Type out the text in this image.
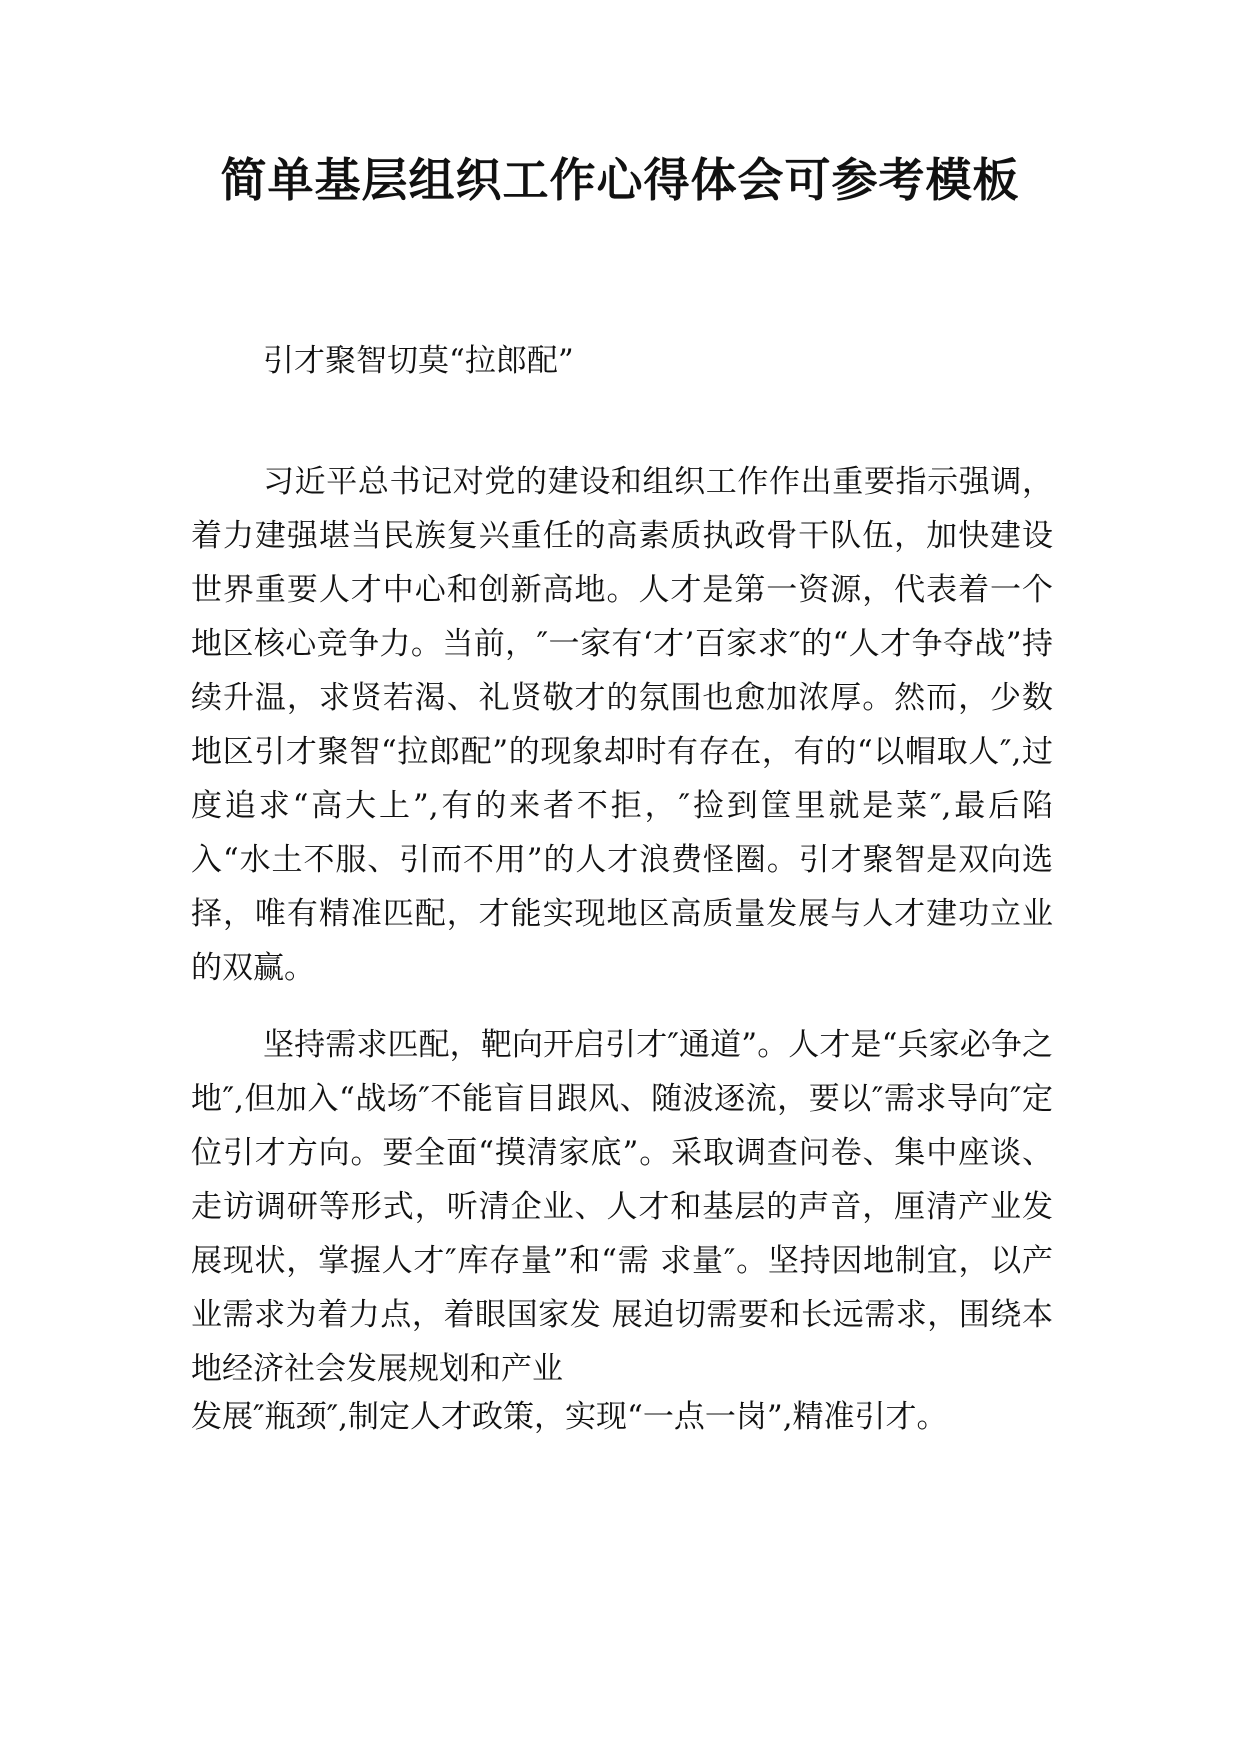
简单基层组织工作心得体会可参考模板

引才聚智切莫“拉郎配”

习近平总书记对党的建设和组织工作作出重要指示强调，着力建强堪当民族复兴重任的高素质执政骨干队伍，加快建设世界重要人才中心和创新高地。人才是第一资源，代表着一个地区核心竞争力。当前，″一家有‘才’百家求″的“人才争夺战”持续升温，求贤若渴、礼贤敬才的氛围也愈加浓厚。然而，少数地区引才聚智“拉郎配”的现象却时有存在，有的“以帽取人″,过度追求“高大上”,有的来者不拒，″捡到筐里就是菜″,最后陷入“水土不服、引而不用”的人才浪费怪圈。引才聚智是双向选择，唯有精准匹配，才能实现地区高质量发展与人才建功立业的双赢。

坚持需求匹配，靶向开启引才″通道”。人才是“兵家必争之地″,但加入“战场″不能盲目跟风、随波逐流，要以″需求导向″定位引才方向。要全面“摸清家底”。采取调查问卷、集中座谈、走访调研等形式，听清企业、人才和基层的声音，厘清产业发展现状，掌握人才″库存量”和“需 求量″。坚持因地制宜，以产业需求为着力点，着眼国家发 展迫切需要和长远需求，围绕本地经济社会发展规划和产业

发展″瓶颈″,制定人才政策，实现“一点一岗”,精准引才。
